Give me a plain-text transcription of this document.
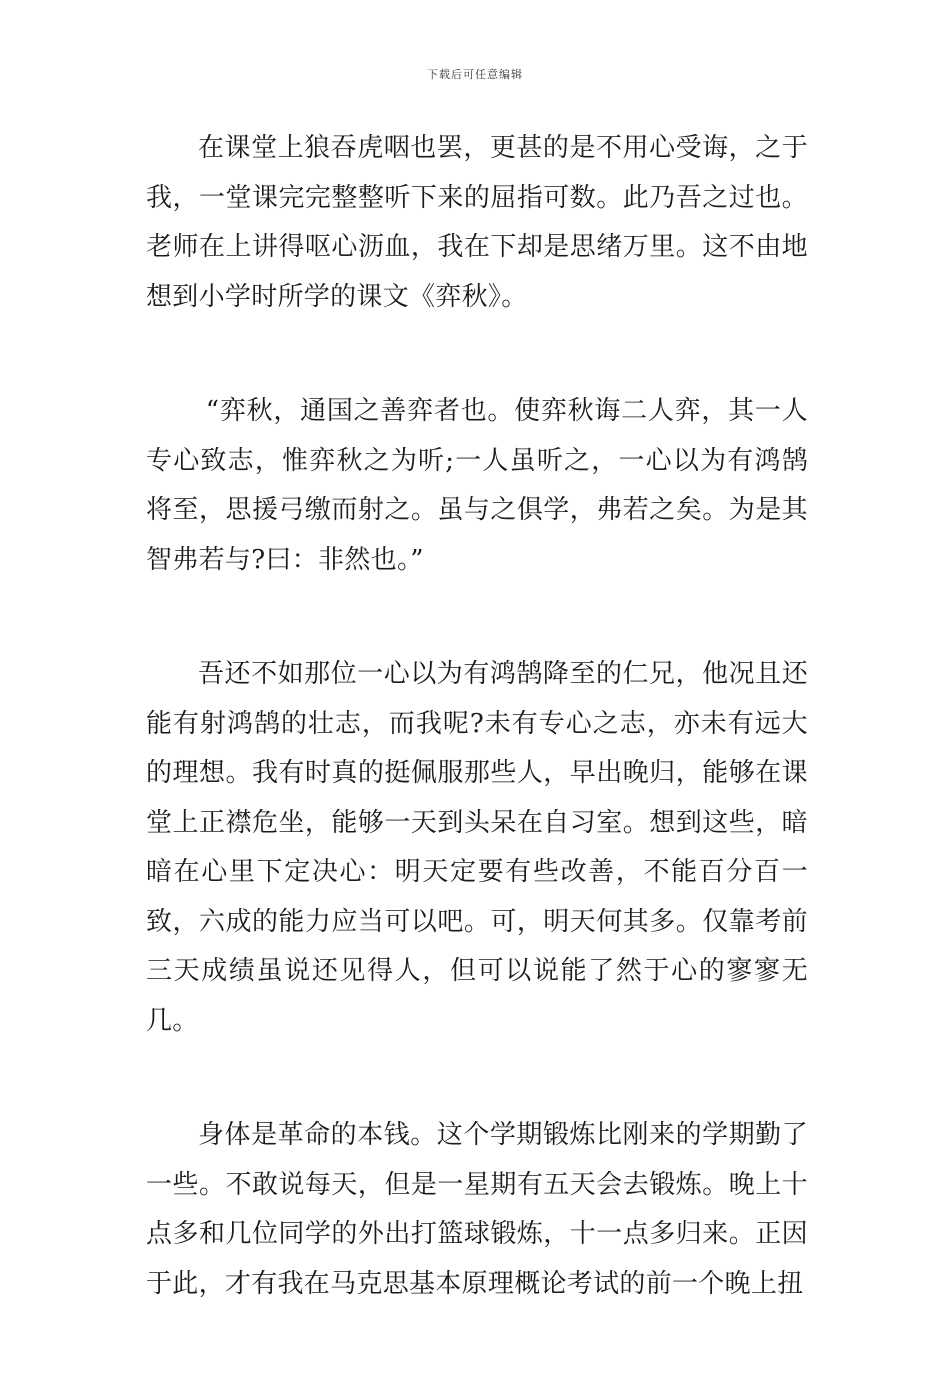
下载后可任意编辑

在课堂上狼吞虎咽也罢，更甚的是不用心受诲，之于我，一堂课完完整整听下来的屈指可数。此乃吾之过也。老师在上讲得呕心沥血，我在下却是思绪万里。这不由地想到小学时所学的课文《弈秋》。

“弈秋，通国之善弈者也。使弈秋诲二人弈，其一人专心致志，惟弈秋之为听;一人虽听之，一心以为有鸿鹄将至，思援弓缴而射之。虽与之俱学，弗若之矣。为是其智弗若与?曰：非然也。”

吾还不如那位一心以为有鸿鹄降至的仁兄，他况且还能有射鸿鹄的壮志，而我呢?未有专心之志，亦未有远大的理想。我有时真的挺佩服那些人，早出晚归，能够在课堂上正襟危坐，能够一天到头呆在自习室。想到这些，暗暗在心里下定决心：明天定要有些改善，不能百分百一致，六成的能力应当可以吧。可，明天何其多。仅靠考前三天成绩虽说还见得人，但可以说能了然于心的寥寥无几。

身体是革命的本钱。这个学期锻炼比刚来的学期勤了一些。不敢说每天，但是一星期有五天会去锻炼。晚上十点多和几位同学的外出打篮球锻炼，十一点多归来。正因于此，才有我在马克思基本原理概论考试的前一个晚上扭
